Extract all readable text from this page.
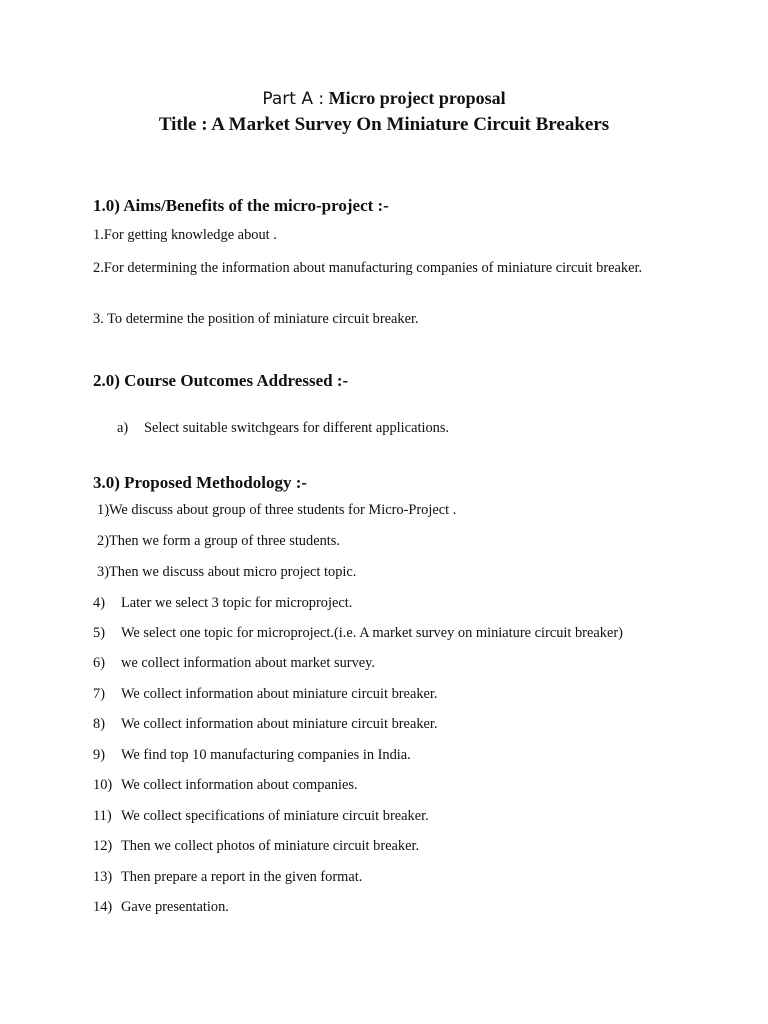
Part A : Micro project proposal
Title : A Market Survey On Miniature Circuit Breakers
1.0) Aims/Benefits of the micro-project :-
1.For getting knowledge about .
2.For determining the information about manufacturing companies of miniature circuit breaker.
3. To determine the position of miniature circuit breaker.
2.0) Course Outcomes Addressed :-
a) Select suitable switchgears for different applications.
3.0) Proposed Methodology :-
1)We discuss about group of three students for Micro-Project .
2)Then we form a group of three students.
3)Then we discuss about micro project topic.
4) Later we select 3 topic for microproject.
5) We select one topic for microproject.(i.e. A market survey on miniature circuit breaker)
6) we collect information about market survey.
7) We collect information about miniature circuit breaker.
8) We collect information about miniature circuit breaker.
9) We find top 10 manufacturing companies in India.
10) We collect information about companies.
11) We collect specifications of miniature circuit breaker.
12) Then we collect photos of miniature circuit breaker.
13) Then prepare a report in the given format.
14) Gave presentation.
